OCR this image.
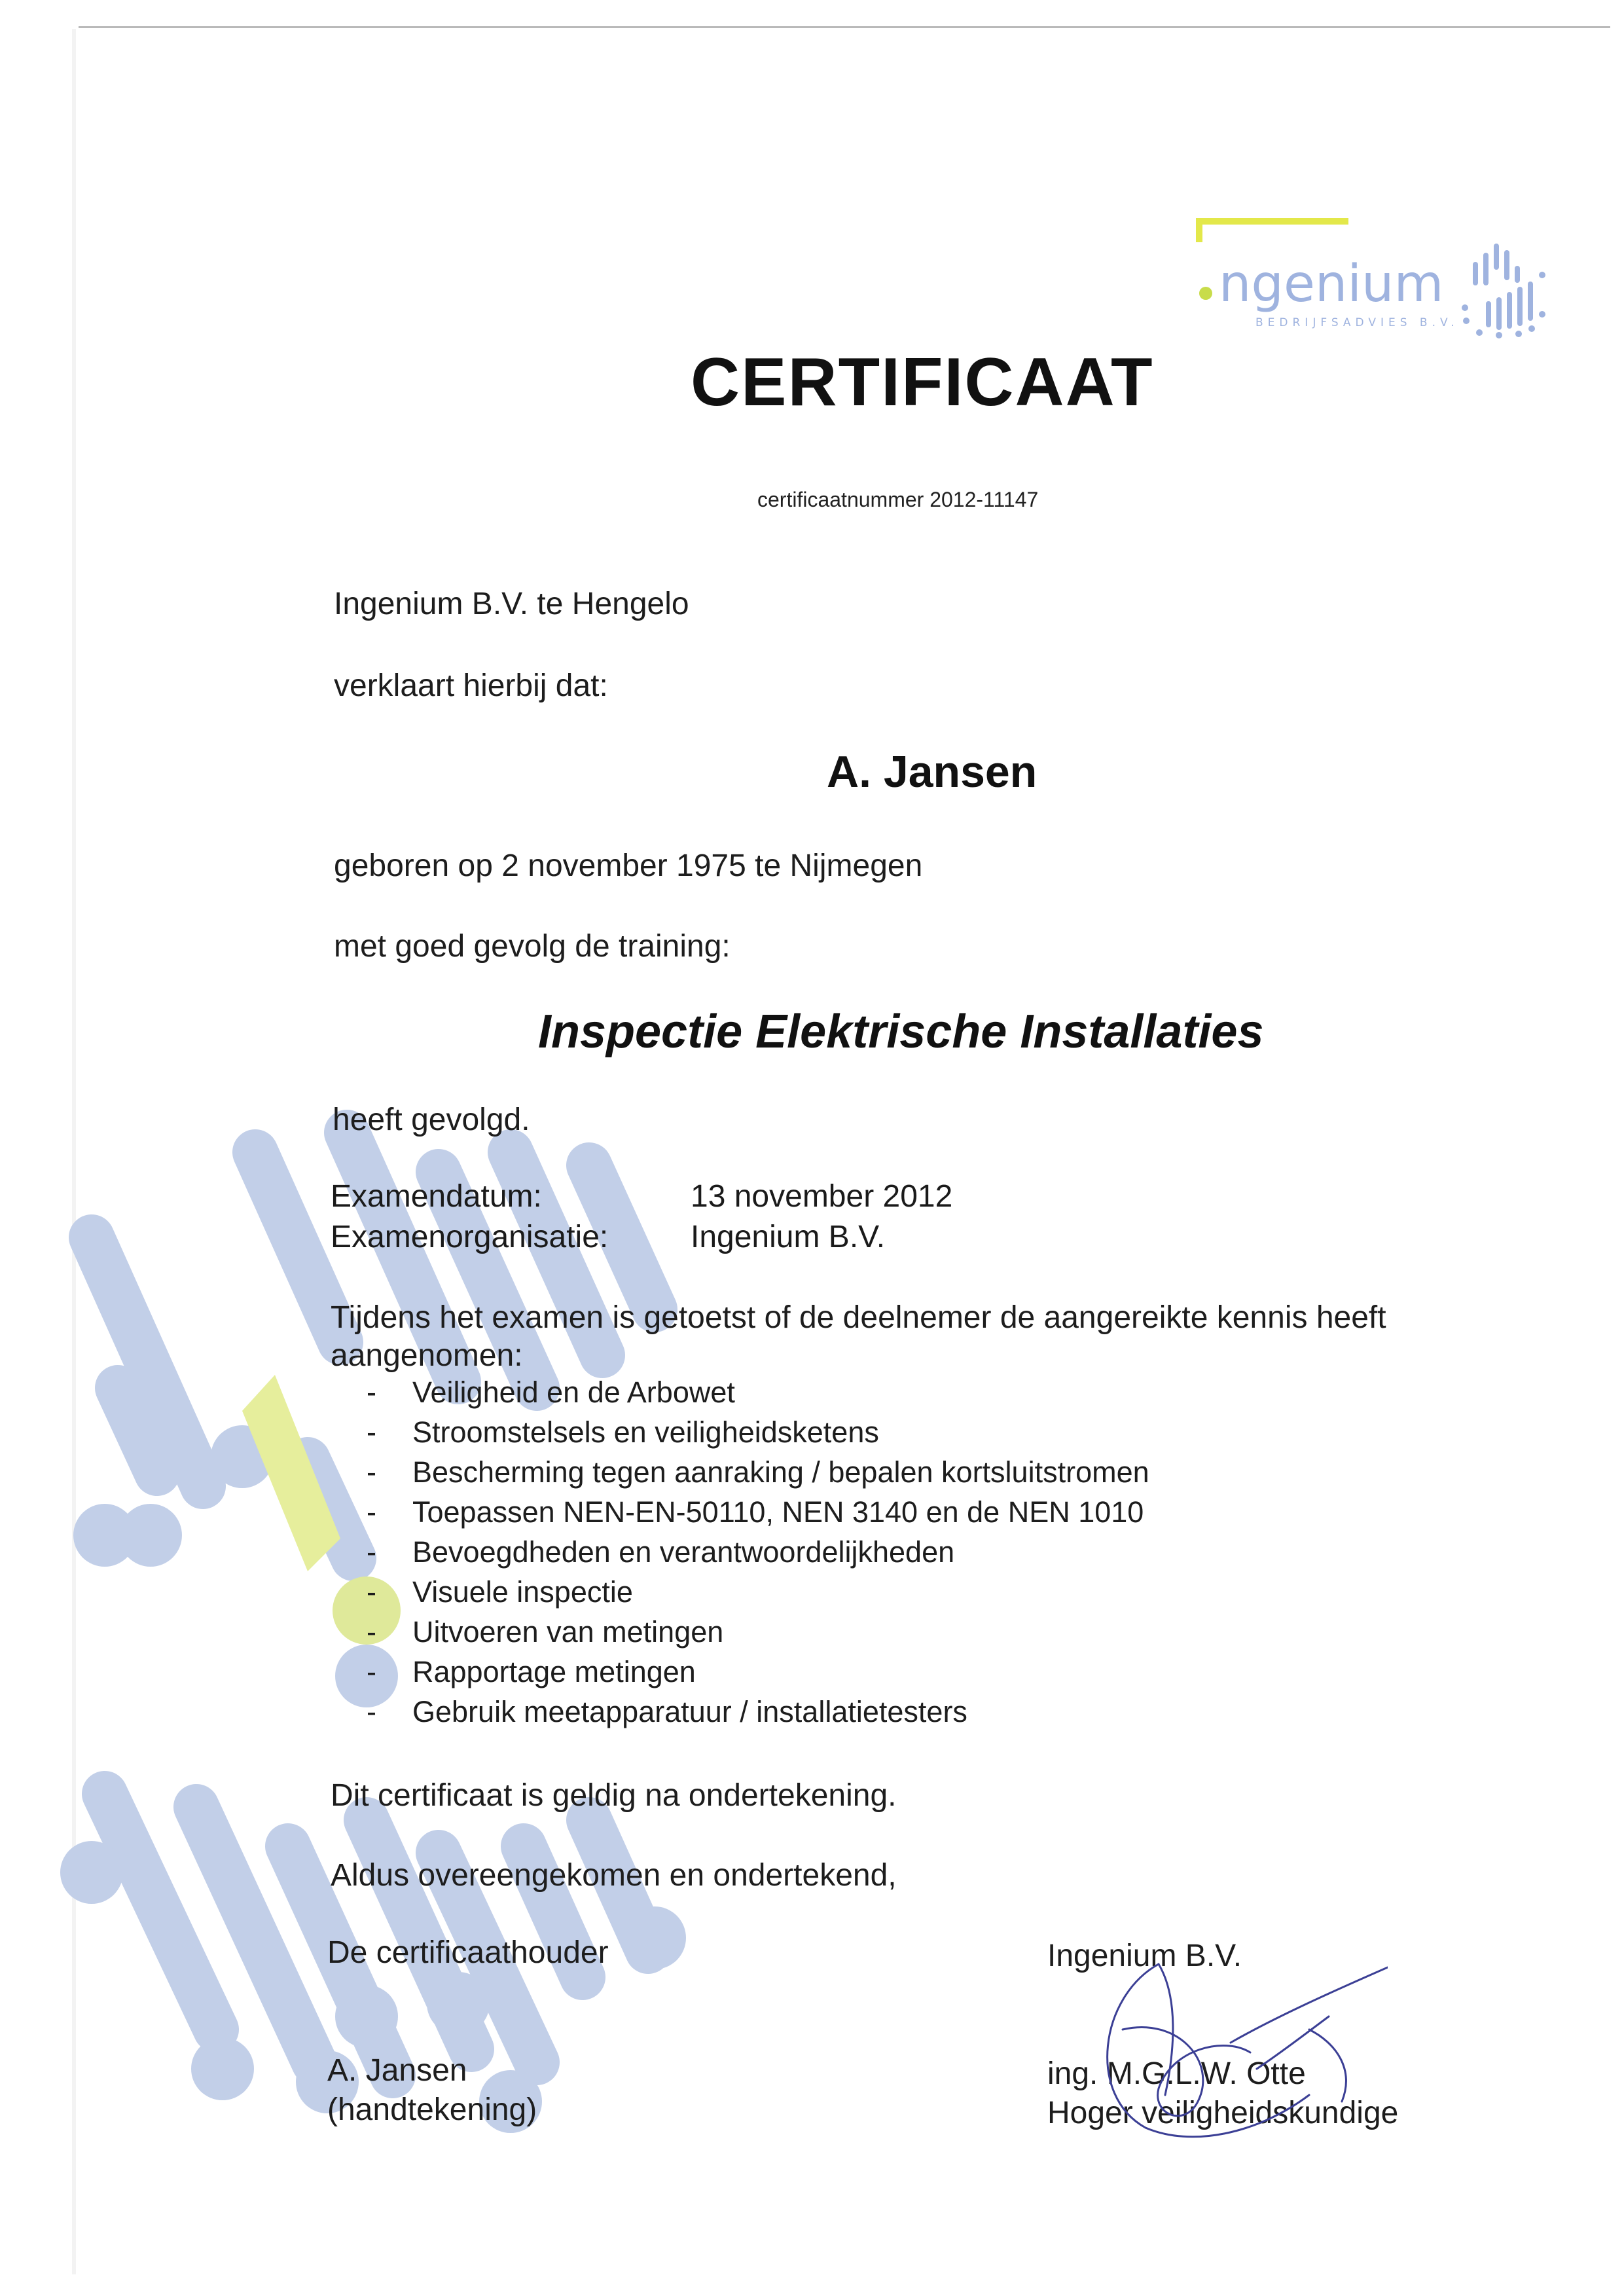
ngenium
BEDRIJFSADVIES B.V.
CERTIFICAAT
certificaatnummer 2012-11147
Ingenium B.V. te Hengelo
verklaart hierbij dat:
A. Jansen
geboren op 2 november 1975 te Nijmegen
met goed gevolg de training:
Inspectie Elektrische Installaties
heeft gevolgd.
Examendatum:	13 november 2012
Examenorganisatie:	Ingenium B.V.
Tijdens het examen is getoetst of de deelnemer de aangereikte kennis heeft
aangenomen:
- Veiligheid en de Arbowet
- Stroomstelsels en veiligheidsketens
- Bescherming tegen aanraking / bepalen kortsluitstromen
- Toepassen NEN-EN-50110, NEN 3140 en de NEN 1010
- Bevoegdheden en verantwoordelijkheden
- Visuele inspectie
- Uitvoeren van metingen
- Rapportage metingen
- Gebruik meetapparatuur / installatietesters
Dit certificaat is geldig na ondertekening.
Aldus overeengekomen en ondertekend,
De certificaathouder
A. Jansen
(handtekening)
Ingenium B.V.
ing. M.G.L.W. Otte
Hoger veiligheidskundige
